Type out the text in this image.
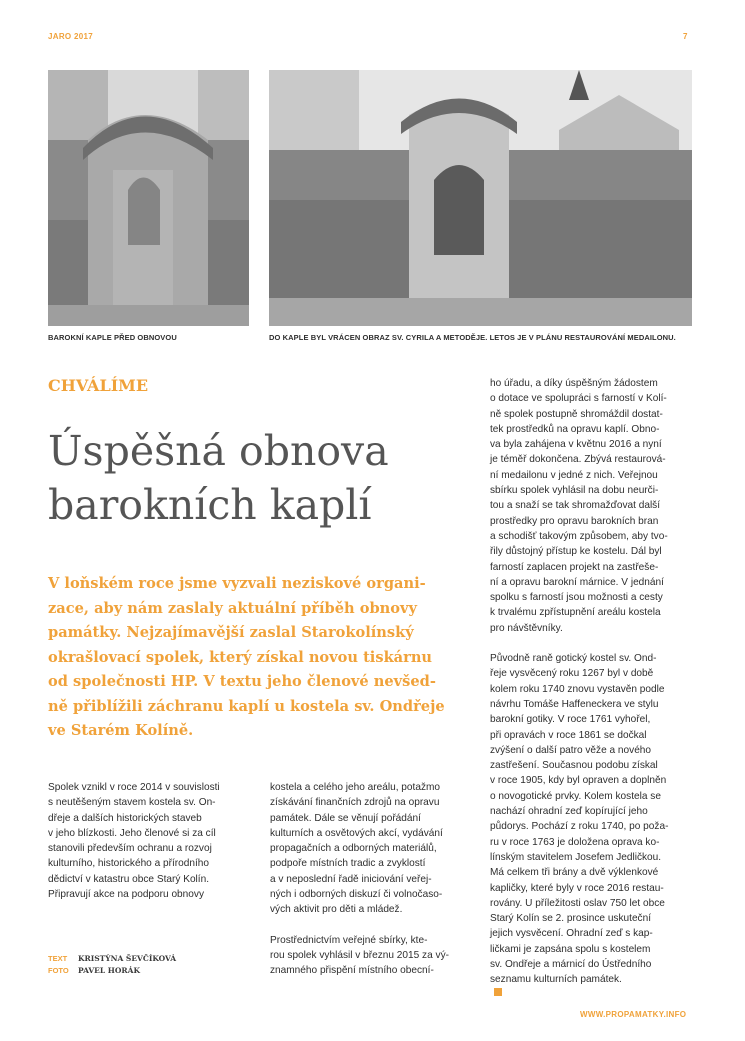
JARO 2017	7
BAROKNÍ KAPLE PŘED OBNOVOU	DO KAPLE BYL VRÁCEN OBRAZ SV. CYRILA A METODĚJE. LETOS JE V PLÁNU RESTAUROVÁNÍ MEDAILONU.
CHVÁLÍME
Úspěšná obnova
barokních kaplí
V loňském roce jsme vyzvali neziskové organi-
zace, aby nám zaslaly aktuální příběh obnovy
památky. Nejzajímavější zaslal Starokolínský
okrašlovací spolek, který získal novou tiskárnu
od společnosti HP. V textu jeho členové nevšed-
ně přiblížili záchranu kaplí u kostela sv. Ondřeje
ve Starém Kolíně.

Spolek vznikl v roce 2014 v souvislosti
s neutěšeným stavem kostela sv. On-
dřeje a dalších historických staveb
v jeho blízkosti. Jeho členové si za cíl
stanovili především ochranu a rozvoj
kulturního, historického a přírodního
dědictví v katastru obce Starý Kolín.
Připravují akce na podporu obnovy

TEXT KRISTÝNA ŠEVČÍKOVÁ
FOTO PAVEL HORÁK

kostela a celého jeho areálu, potažmo
získávání finančních zdrojů na opravu
památek. Dále se věnují pořádání
kulturních a osvětových akcí, vydávání
propagačních a odborných materiálů,
podpoře místních tradic a zvyklostí
a v neposlední řadě iniciování veřej-
ných i odborných diskuzí či volnočaso-
vých aktivit pro děti a mládež.

Prostřednictvím veřejné sbírky, kte-
rou spolek vyhlásil v březnu 2015 za vý-
znamného přispění místního obecní-

ho úřadu, a díky úspěšným žádostem
o dotace ve spolupráci s farností v Kolí-
ně spolek postupně shromáždil dostat-
tek prostředků na opravu kaplí. Obno-
va byla zahájena v květnu 2016 a nyní
je téměř dokončena. Zbývá restaurová-
ní medailonu v jedné z nich. Veřejnou
sbírku spolek vyhlásil na dobu neurči-
tou a snaží se tak shromažďovat další
prostředky pro opravu barokních bran
a schodišť takovým způsobem, aby tvo-
řily důstojný přístup ke kostelu. Dál byl
farností zaplacen projekt na zastřeše-
ní a opravu barokní márnice. V jednání
spolku s farností jsou možnosti a cesty
k trvalému zpřístupnění areálu kostela
pro návštěvníky.

Původně raně gotický kostel sv. Ond-
řeje vysvěcený roku 1267 byl v době
kolem roku 1740 znovu vystavěn podle
návrhu Tomáše Haffeneckera ve stylu
barokní gotiky. V roce 1761 vyhořel,
při opravách v roce 1861 se dočkal
zvýšení o další patro věže a nového
zastřešení. Současnou podobu získal
v roce 1905, kdy byl opraven a doplněn
o novogotické prvky. Kolem kostela se
nachází ohradní zeď kopírující jeho
půdorys. Pochází z roku 1740, po poža-
ru v roce 1763 je doložena oprava ko-
línským stavitelem Josefem Jedličkou.
Má celkem tři brány a dvě výklenkové
kapličky, které byly v roce 2016 restau-
rovány. U příležitosti oslav 750 let obce
Starý Kolín se 2. prosince uskuteční
jejich vysvěcení. Ohradní zeď s kap-
ličkami je zapsána spolu s kostelem
sv. Ondřeje a márnicí do Ústředního
seznamu kulturních památek.

WWW.PROPAMATKY.INFO
